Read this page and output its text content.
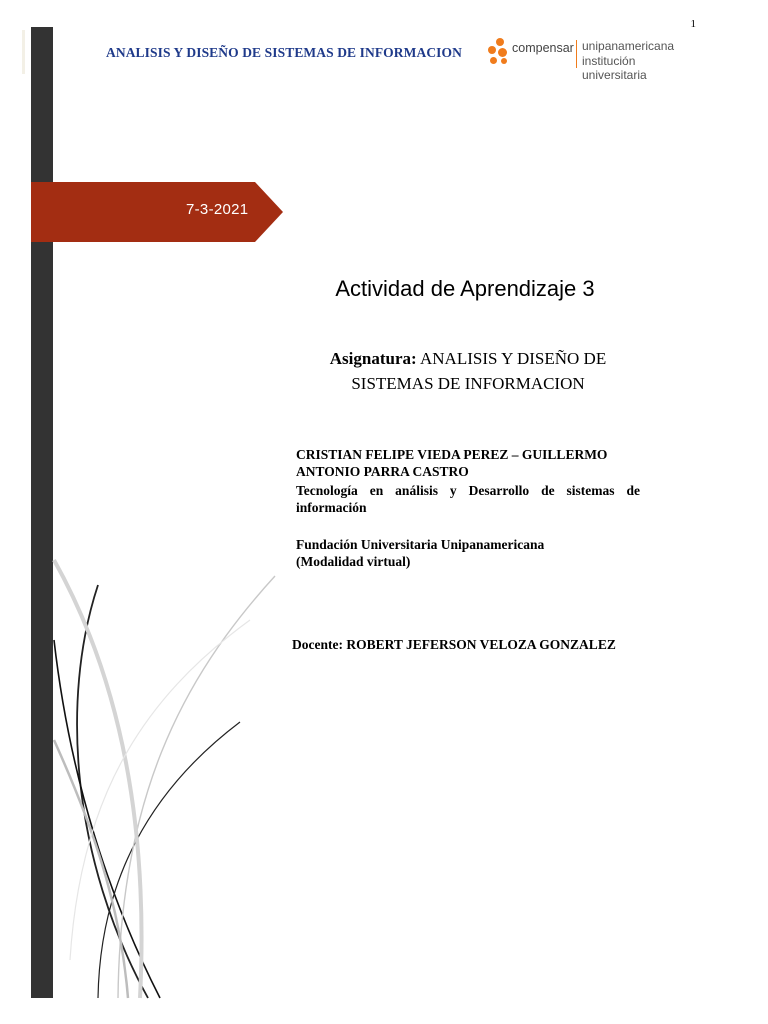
1
ANALISIS Y DISEÑO DE SISTEMAS DE INFORMACION	compensar unipanamericana
institución universitaria
7-3-2021
Actividad de Aprendizaje 3
Asignatura: ANALISIS Y DISEÑO DE SISTEMAS DE INFORMACION
CRISTIAN FELIPE VIEDA PEREZ – GUILLERMO ANTONIO PARRA CASTRO
Tecnología en análisis y Desarrollo de sistemas de información
Fundación Universitaria Unipanamericana
(Modalidad virtual)
Docente: ROBERT JEFERSON VELOZA GONZALEZ
